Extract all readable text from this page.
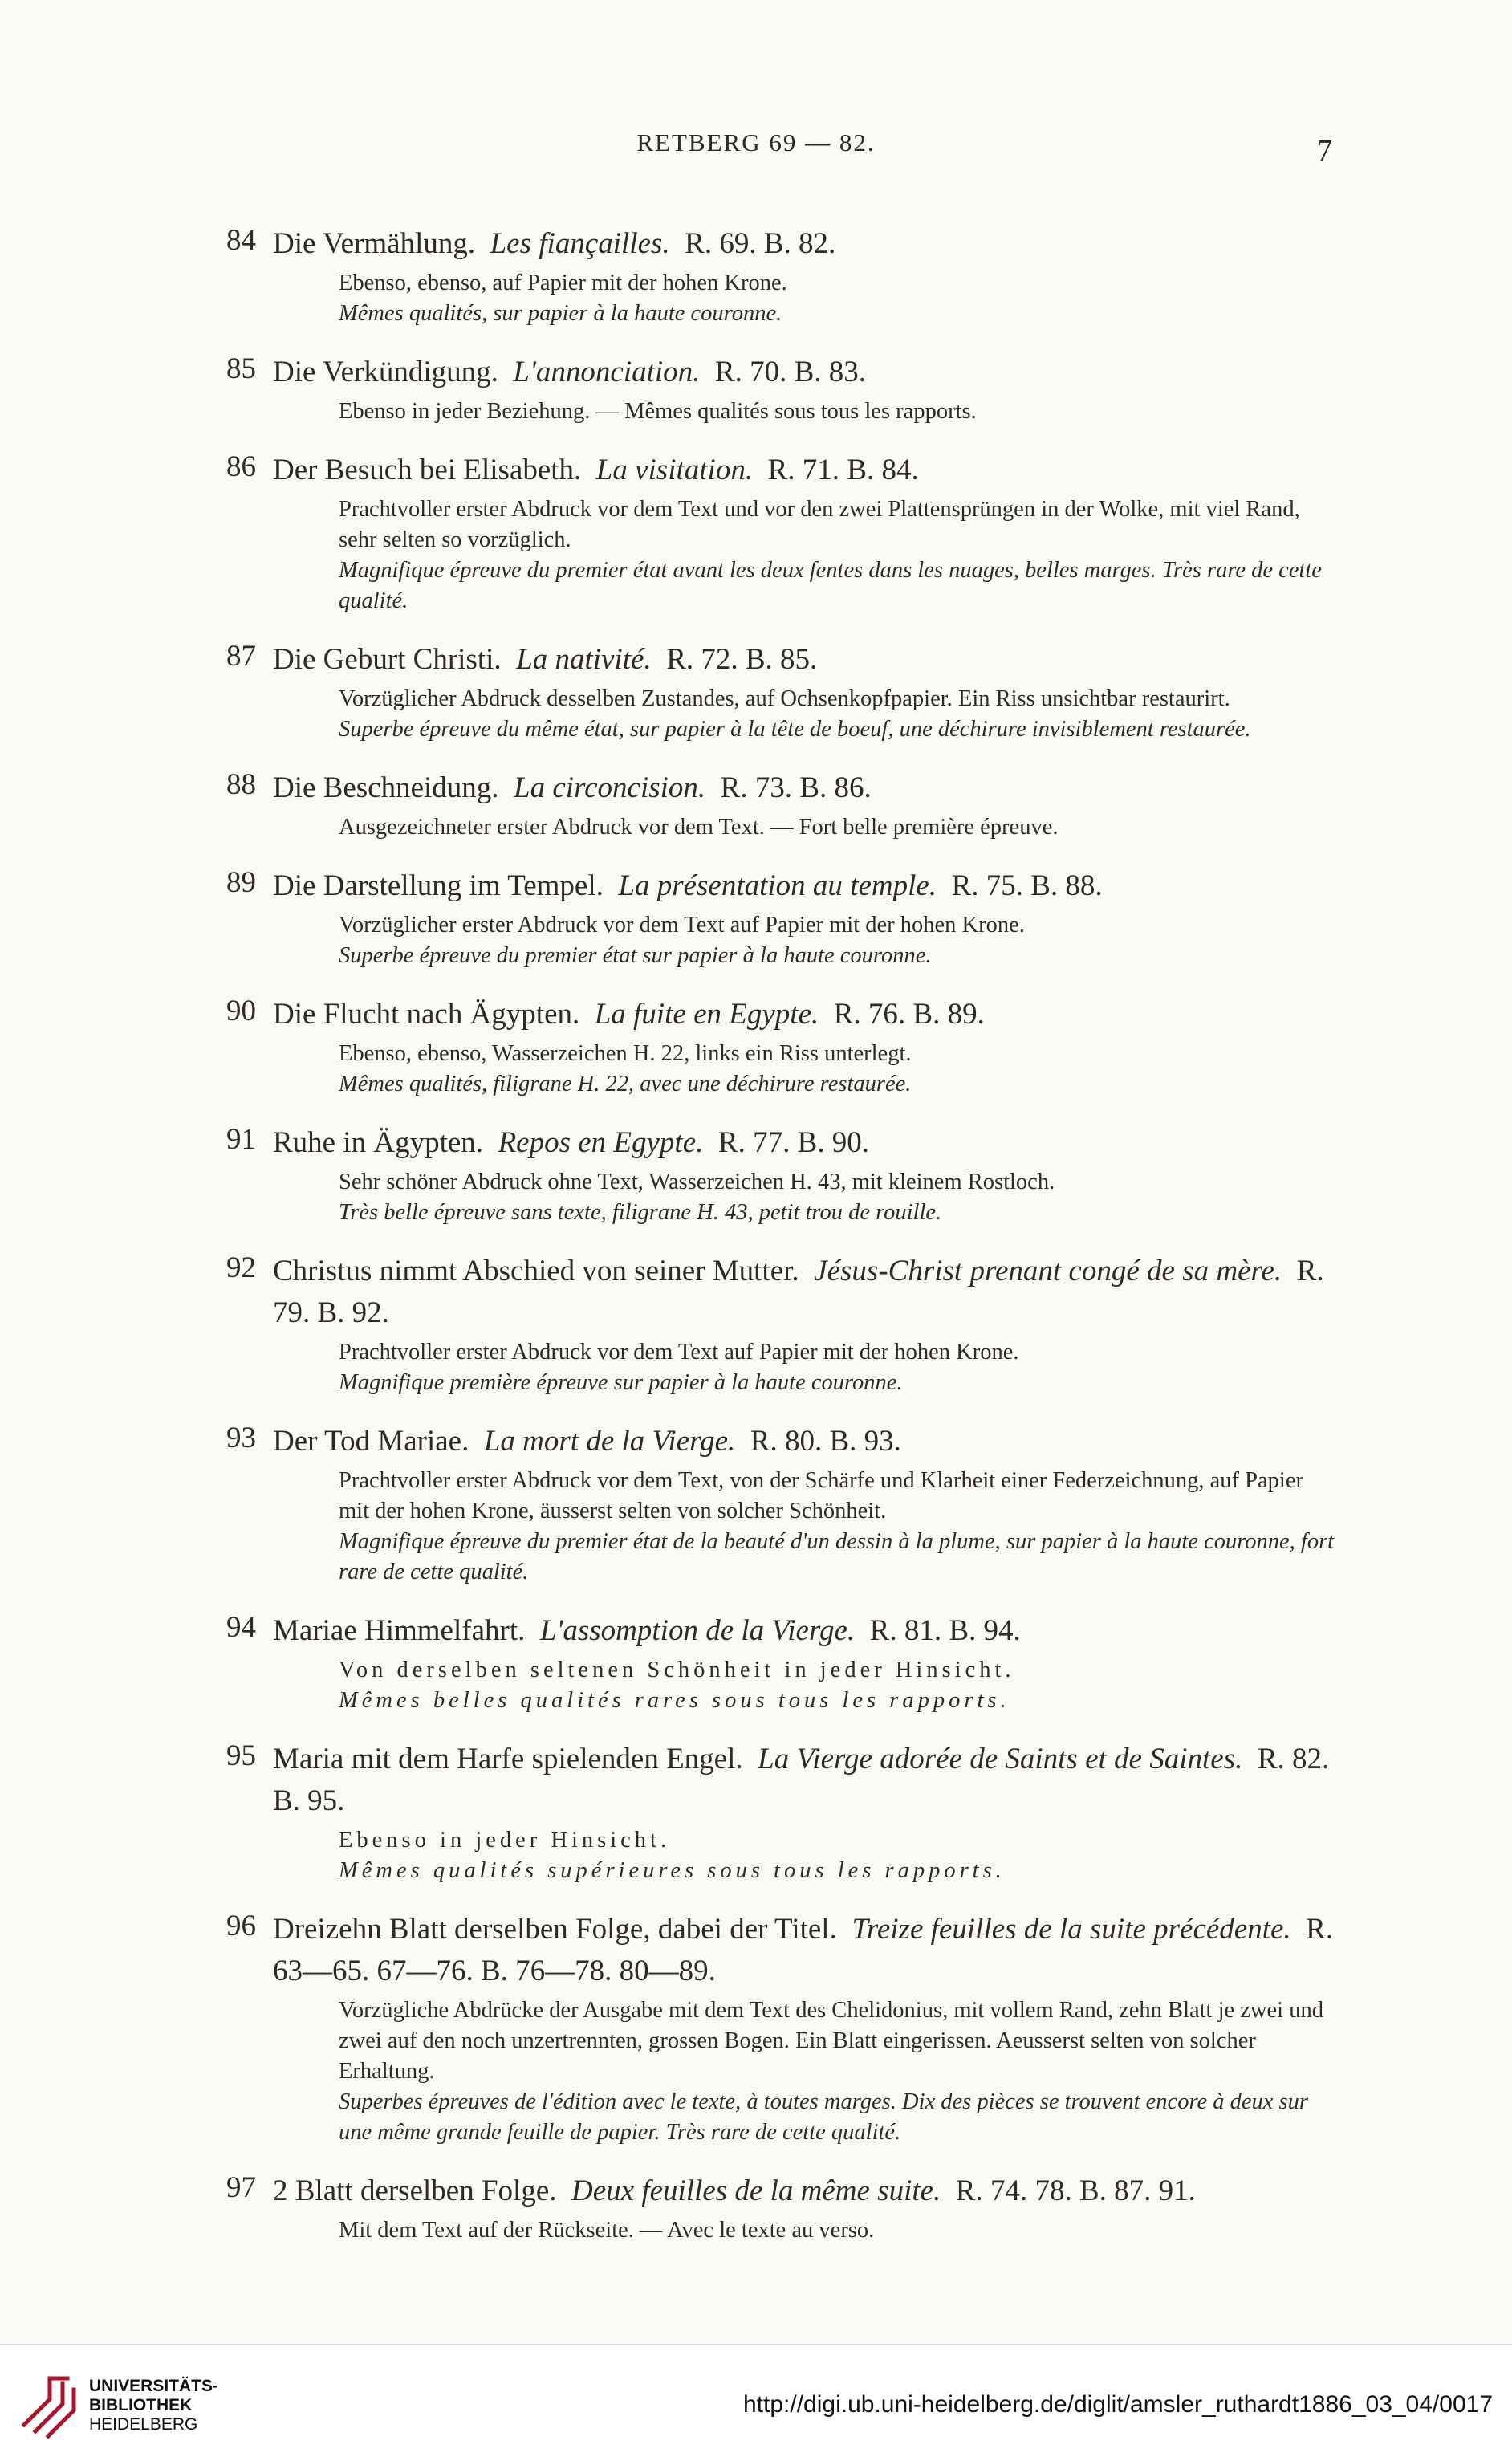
RETBERG 69 — 82.	7
84 Die Vermählung. Les fiançailles. R. 69. B. 82.
Ebenso, ebenso, auf Papier mit der hohen Krone.
Mêmes qualités, sur papier à la haute couronne.
85 Die Verkündigung. L'annonciation. R. 70. B. 83.
Ebenso in jeder Beziehung. — Mêmes qualités sous tous les rapports.
86 Der Besuch bei Elisabeth. La visitation. R. 71. B. 84.
Prachtvoller erster Abdruck vor dem Text und vor den zwei Plattensprüngen in der Wolke, mit viel Rand, sehr selten so vorzüglich.
Magnifique épreuve du premier état avant les deux fentes dans les nuages, belles marges. Très rare de cette qualité.
87 Die Geburt Christi. La nativité. R. 72. B. 85.
Vorzüglicher Abdruck desselben Zustandes, auf Ochsenkopfpapier. Ein Riss unsichtbar restaurirt.
Superbe épreuve du même état, sur papier à la tête de boeuf, une déchirure invisiblement restaurée.
88 Die Beschneidung. La circoncision. R. 73. B. 86.
Ausgezeichneter erster Abdruck vor dem Text. — Fort belle première épreuve.
89 Die Darstellung im Tempel. La présentation au temple. R. 75. B. 88.
Vorzüglicher erster Abdruck vor dem Text auf Papier mit der hohen Krone.
Superbe épreuve du premier état sur papier à la haute couronne.
90 Die Flucht nach Ägypten. La fuite en Egypte. R. 76. B. 89.
Ebenso, ebenso, Wasserzeichen H. 22, links ein Riss unterlegt.
Mêmes qualités, filigrane H. 22, avec une déchirure restaurée.
91 Ruhe in Ägypten. Repos en Egypte. R. 77. B. 90.
Sehr schöner Abdruck ohne Text, Wasserzeichen H. 43, mit kleinem Rostloch.
Très belle épreuve sans texte, filigrane H. 43, petit trou de rouille.
92 Christus nimmt Abschied von seiner Mutter. Jésus-Christ prenant congé de sa mère. R. 79. B. 92.
Prachtvoller erster Abdruck vor dem Text auf Papier mit der hohen Krone.
Magnifique première épreuve sur papier à la haute couronne.
93 Der Tod Mariae. La mort de la Vierge. R. 80. B. 93.
Prachtvoller erster Abdruck vor dem Text, von der Schärfe und Klarheit einer Federzeichnung, auf Papier mit der hohen Krone, äusserst selten von solcher Schönheit.
Magnifique épreuve du premier état de la beauté d'un dessin à la plume, sur papier à la haute couronne, fort rare de cette qualité.
94 Mariae Himmelfahrt. L'assomption de la Vierge. R. 81. B. 94.
Von derselben seltenen Schönheit in jeder Hinsicht.
Mêmes belles qualités rares sous tous les rapports.
95 Maria mit dem Harfe spielenden Engel. La Vierge adorée de Saints et de Saintes. R. 82. B. 95.
Ebenso in jeder Hinsicht.
Mêmes qualités supérieures sous tous les rapports.
96 Dreizehn Blatt derselben Folge, dabei der Titel. Treize feuilles de la suite précédente. R. 63—65. 67—76. B. 76—78. 80—89.
Vorzügliche Abdrücke der Ausgabe mit dem Text des Chelidonius, mit vollem Rand, zehn Blatt je zwei und zwei auf den noch unzertrennten, grossen Bogen. Ein Blatt eingerissen. Aeusserst selten von solcher Erhaltung.
Superbes épreuves de l'édition avec le texte, à toutes marges. Dix des pièces se trouvent encore à deux sur une même grande feuille de papier. Très rare de cette qualité.
97 2 Blatt derselben Folge. Deux feuilles de la même suite. R. 74. 78. B. 87. 91.
Mit dem Text auf der Rückseite. — Avec le texte au verso.
UNIVERSITÄTS-
BIBLIOTHEK
HEIDELBERG
http://digi.ub.uni-heidelberg.de/diglit/amsler_ruthardt1886_03_04/0017
